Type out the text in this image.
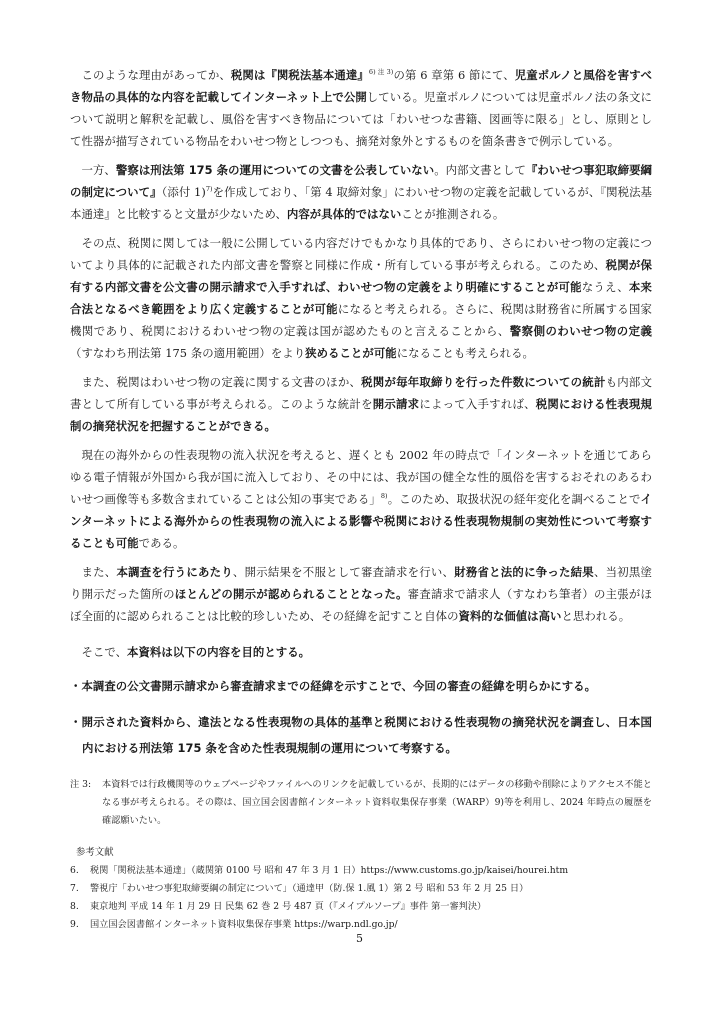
このような理由があってか、税関は『関税法基本通達』$^{6) 注 3)}$の第 6 章第 6 節にて、児童ポルノと風俗を害すべき物品の具体的な内容を記載してインターネット上で公開している。児童ポルノについては児童ポルノ法の条文について説明と解釈を記載し、風俗を害すべき物品については「わいせつな書籍、図画等に限る」とし、原則として性器が描写されている物品をわいせつ物としつつも、摘発対象外とするものを箇条書きで例示している。

一方、警察は刑法第 175 条の運用についての文書を公表していない。内部文書として『わいせつ事犯取締要綱の制定について』（添付 1)$^{7)}$を作成しており、「第 4 取締対象」にわいせつ物の定義を記載しているが、『関税法基本通達』と比較すると文量が少ないため、内容が具体的ではないことが推測される。

その点、税関に関しては一般に公開している内容だけでもかなり具体的であり、さらにわいせつ物の定義についてより具体的に記載された内部文書を警察と同様に作成・所有している事が考えられる。このため、税関が保有する内部文書を公文書の開示請求で入手すれば、わいせつ物の定義をより明確にすることが可能なうえ、本来合法となるべき範囲をより広く定義することが可能になると考えられる。さらに、税関は財務省に所属する国家機関であり、税関におけるわいせつ物の定義は国が認めたものと言えることから、警察側のわいせつ物の定義（すなわち刑法第 175 条の適用範囲）をより狭めることが可能になることも考えられる。

また、税関はわいせつ物の定義に関する文書のほか、税関が毎年取締りを行った件数についての統計も内部文書として所有している事が考えられる。このような統計を開示請求によって入手すれば、税関における性表現規制の摘発状況を把握することができる。

現在の海外からの性表現物の流入状況を考えると、遅くとも 2002 年の時点で「インターネットを通じてあらゆる電子情報が外国から我が国に流入しており、その中には、我が国の健全な性的風俗を害するおそれのあるわいせつ画像等も多数含まれていることは公知の事実である」$^{8)}$。このため、取扱状況の経年変化を調べることでインターネットによる海外からの性表現物の流入による影響や税関における性表現物規制の実効性について考察することも可能である。

また、本調査を行うにあたり、開示結果を不服として審査請求を行い、財務省と法的に争った結果、当初黒塗り開示だった箇所のほとんどの開示が認められることとなった。審査請求で請求人（すなわち筆者）の主張がほぼ全面的に認められることは比較的珍しいため、その経緯を記すこと自体の資料的な価値は高いと思われる。

そこで、本資料は以下の内容を目的とする。

・本調査の公文書開示請求から審査請求までの経緯を示すことで、今回の審査の経緯を明らかにする。
・開示された資料から、違法となる性表現物の具体的基準と税関における性表現物の摘発状況を調査し、日本国内における刑法第 175 条を含めた性表現規制の運用について考察する。
注 3:	本資料では行政機関等のウェブページやファイルへのリンクを記載しているが、長期的にはデータの移動や削除によりアクセス不能となる事が考えられる。その際は、国立国会図書館インターネット資料収集保存事業（WARP）9)等を利用し、2024 年時点の履歴を確認願いたい。
参考文献
6.	税関「関税法基本通達」（蔵関第 0100 号 昭和 47 年 3 月 1 日）https://www.customs.go.jp/kaisei/hourei.htm
7.	警視庁「わいせつ事犯取締要綱の制定について」（通達甲（防.保 1.風 1）第 2 号 昭和 53 年 2 月 25 日）
8.	東京地判 平成 14 年 1 月 29 日 民集 62 巻 2 号 487 頁（『メイプルソープ』事件 第一審判決）
9.	国立国会図書館インターネット資料収集保存事業 https://warp.ndl.go.jp/
5
